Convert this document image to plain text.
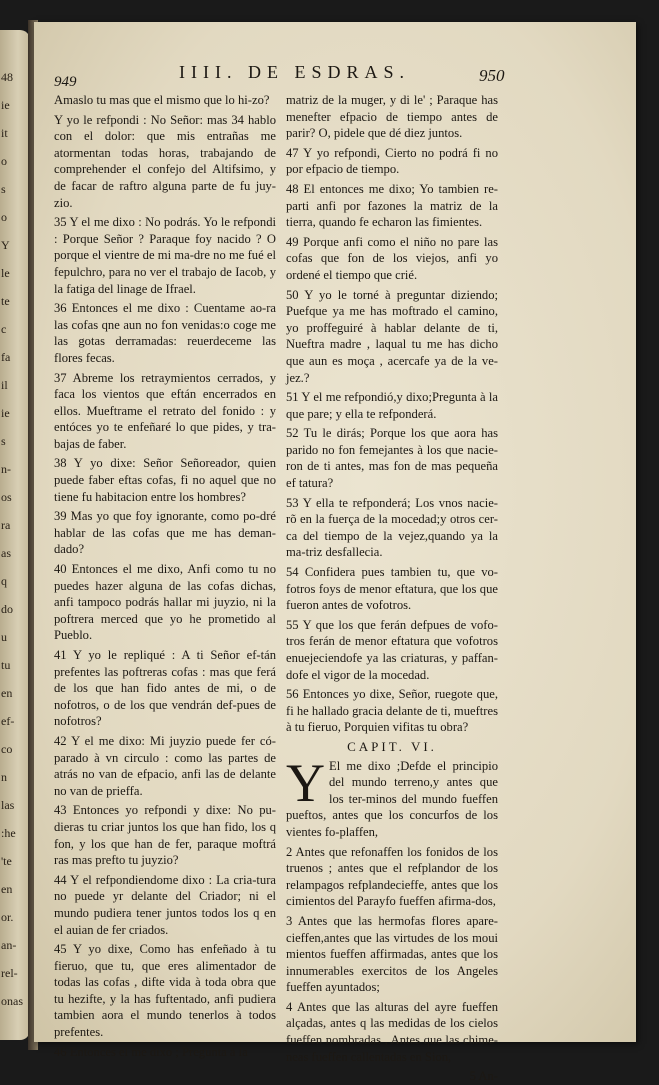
48
ie
it
o
s
o
Y
le
te
c
fa
il
ie
s
n-
os
ra
as
q
do
u
tu
en
ef-
co
n
las
:he
'te
en
or.
an-
rel-
onas
949	IIII. DE ESDRAS.	950

Amaslo tu mas que el mismo que lo hi-zo?

Y yo le refpondi : No Señor: mas 34 hablo con el dolor: que mis entrañas me atormentan todas horas, trabajando de comprehender el confejo del Altifsimo, y de facar de raftro alguna parte de fu juy-zio.

35 Y el me dixo : No podrás. Yo le refpondi : Porque Señor ? Paraque foy nacido ? O porque el vientre de mi ma-dre no me fué el fepulchro, para no ver el trabajo de Iacob, y la fatiga del linage de Ifrael.

36 Entonces el me dixo : Cuentame ao-ra las cofas qne aun no fon venidas:o coge me las gotas derramadas: reuerdeceme las flores fecas.

37 Abreme los retraymientos cerrados, y faca los vientos que eftán encerrados en ellos. Mueftrame el retrato del fonido : y entóces yo te enfeñaré lo que pides, y tra-bajas de faber.

38 Y yo dixe: Señor Señoreador, quien puede faber eftas cofas, fi no aquel que no tiene fu habitacion entre los hombres?

39 Mas yo que foy ignorante, como po-dré hablar de las cofas que me has deman-dado?

40 Entonces el me dixo, Anfi como tu no puedes hazer alguna de las cofas dichas, anfi tampoco podrás hallar mi juyzio, ni la poftrera merced que yo he prometido al Pueblo.

41 Y yo le repliqué : A ti Señor ef-tán prefentes las poftreras cofas : mas que ferá de los que han fido antes de mi, o de nofotros, o de los que vendrán def-pues de nofotros?

42 Y el me dixo: Mi juyzio puede fer có-parado à vn circulo : como las partes de atrás no van de efpacio, anfi las de delante no van de prieffa.

43 Entonces yo refpondi y dixe: No pu-dieras tu criar juntos los que han fido, los q fon, y los que han de fer, paraque moftrá ras mas prefto tu juyzio?

44 Y el refpondiendome dixo : La cria-tura no puede yr delante del Criador; ni el mundo pudiera tener juntos todos los q en el auian de fer criados.

45 Y yo dixe, Como has enfeñado à tu fieruo, que tu, que eres alimentador de todas las cofas , difte vida à toda obra que tu hezifte, y la has fuftentado, anfi pudiera tambien aora el mundo tenerlos à todos prefentes.

46 Entonces el me dixo ; Pregunta à la

matriz de la muger, y di le' ; Paraque has menefter efpacio de tiempo antes de parir? O, pidele que dé diez juntos.

47 Y yo refpondi, Cierto no podrá fi no por efpacio de tiempo.

48 El entonces me dixo; Yo tambien re-parti anfi por fazones la matriz de la tierra, quando fe echaron las fimientes.

49 Porque anfi como el niño no pare las cofas que fon de los viejos, anfi yo ordené el tiempo que crié.

50 Y yo le torné à preguntar diziendo; Puefque ya me has moftrado el camino, yo proffeguiré à hablar delante de ti, Nueftra madre , laqual tu me has dicho que aun es moça , acercafe ya de la ve-jez.?

51 Y el me refpondió,y dixo;Pregunta à la que pare; y ella te refponderá.

52 Tu le dirás; Porque los que aora has parido no fon femejantes à los que nacie-ron de ti antes, mas fon de mas pequeña ef tatura?

53 Y ella te refponderá; Los vnos nacie-rõ en la fuerça de la mocedad;y otros cer-ca del tiempo de la vejez,quando ya la ma-triz desfallecia.

54 Confidera pues tambien tu, que vo-fotros foys de menor eftatura, que los que fueron antes de vofotros.

55 Y que los que ferán defpues de vofo-tros ferán de menor eftatura que vofotros enuejeciendofe ya las criaturas, y paffan-dofe el vigor de la mocedad.

56 Entonces yo dixe, Señor, ruegote que, fi he hallado gracia delante de ti, mueftres à tu fieruo, Porquien vifitas tu obra?

CAPIT. VI.

Y El me dixo ;Defde el principio del mundo terreno,y antes que los ter-minos del mundo fueffen pueftos, antes que los concurfos de los vientes fo-plaffen,

2 Antes que refonaffen los fonidos de los truenos ; antes que el refplandor de los relampagos refplandecieffe, antes que los cimientos del Parayfo fueffen afirma-dos,

3 Antes que las hermofas flores apare-cieffen,antes que las virtudes de los moui mientos fueffen affirmadas, antes que los innumerables exercitos de los Angeles fueffen ayuntados;

4 Antes que las alturas del ayre fueffen alçadas, antes q las medidas de los cielos fueffen nombradas , Antes que las chime-neas fueffen callentadas en Sion,

5 An-
